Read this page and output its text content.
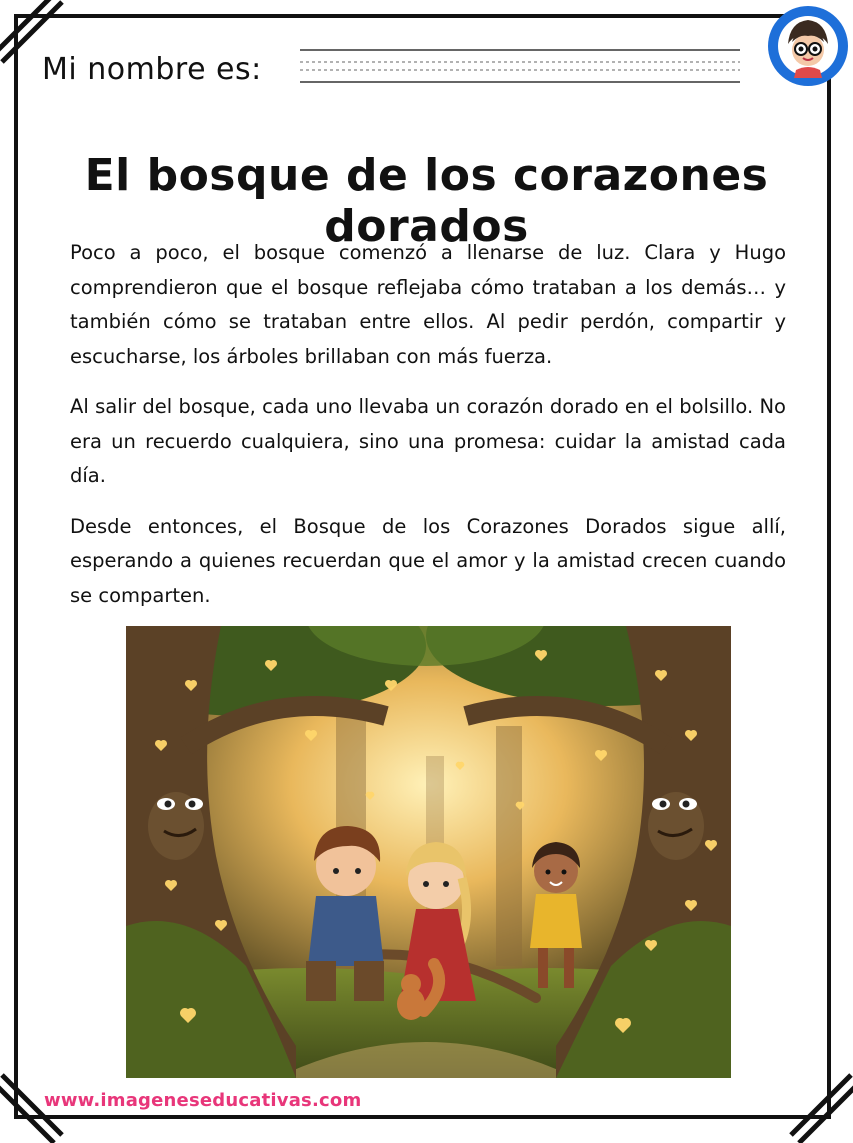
Mi nombre es:
El bosque de los corazones dorados

Poco a poco, el bosque comenzó a llenarse de luz. Clara y Hugo comprendieron que el bosque reflejaba cómo trataban a los demás… y también cómo se trataban entre ellos. Al pedir perdón, compartir y escucharse, los árboles brillaban con más fuerza.

Al salir del bosque, cada uno llevaba un corazón dorado en el bolsillo. No era un recuerdo cualquiera, sino una promesa: cuidar la amistad cada día.

Desde entonces, el Bosque de los Corazones Dorados sigue allí, esperando a quienes recuerdan que el amor y la amistad crecen cuando se comparten.

www.imageneseducativas.com
